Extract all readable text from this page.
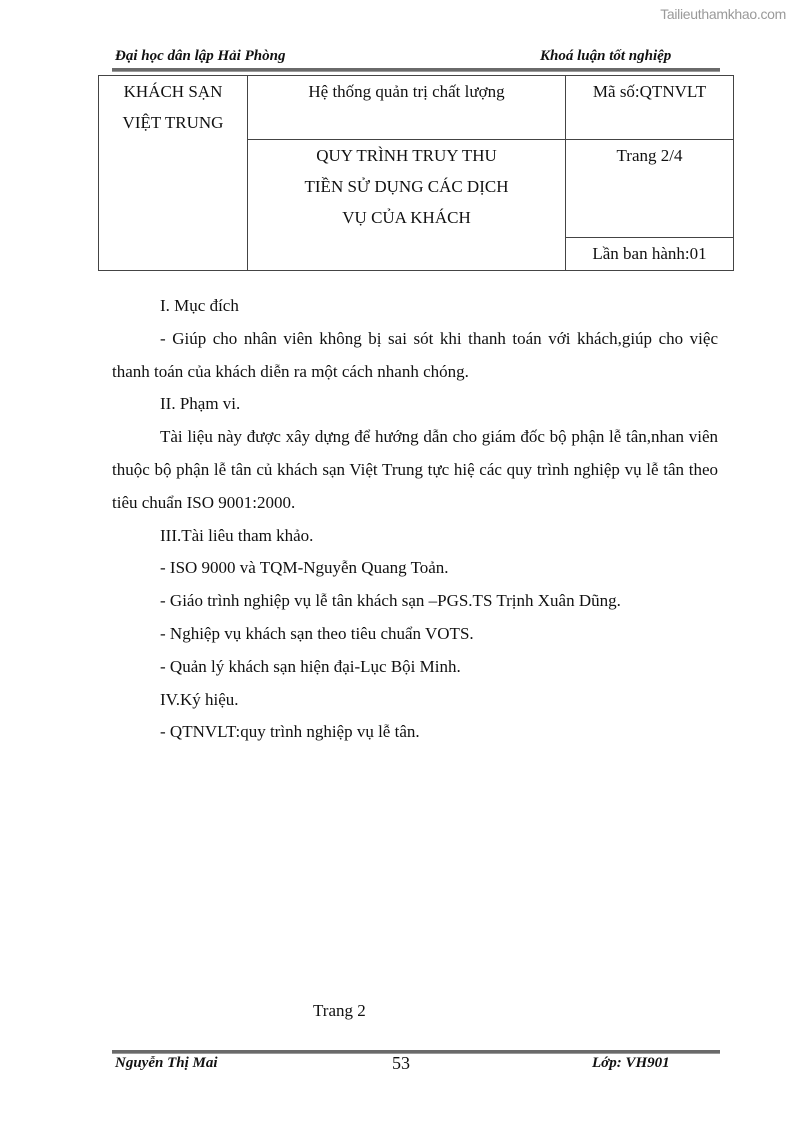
Tailieuthamkhao.com
Đại học dân lập Hải Phòng	Khoá luận tốt nghiệp
KHÁCH SẠN
VIỆT TRUNG	Hệ thống quản trị chất lượng	Mã số:QTNVLT

	QUY TRÌNH TRUY THU
TIỀN SỬ DỤNG CÁC DỊCH
VỤ CỦA KHÁCH	Trang 2/4

		Lần ban hành:01

I. Mục đích

- Giúp cho nhân viên không bị sai sót khi thanh toán với khách,giúp cho việc thanh toán của khách diễn ra một cách nhanh chóng.

II. Phạm vi.

Tài liệu này được xây dựng để hướng dẫn cho giám đốc bộ phận lễ tân,nhan viên thuộc bộ phận lễ tân củ khách sạn Việt Trung tực hiệ các quy trình nghiệp vụ lễ tân theo tiêu chuẩn ISO 9001:2000.

III.Tài liêu tham khảo.

- ISO 9000 và TQM-Nguyễn Quang Toản.

- Giáo trình nghiệp vụ lễ tân khách sạn –PGS.TS Trịnh Xuân Dũng.

- Nghiệp vụ khách sạn theo tiêu chuẩn VOTS.

- Quản lý khách sạn hiện đại-Lục Bội Minh.

IV.Ký hiệu.

- QTNVLT:quy trình nghiệp vụ lễ tân.

Trang 2
Nguyễn Thị Mai	53	Lớp: VH901
